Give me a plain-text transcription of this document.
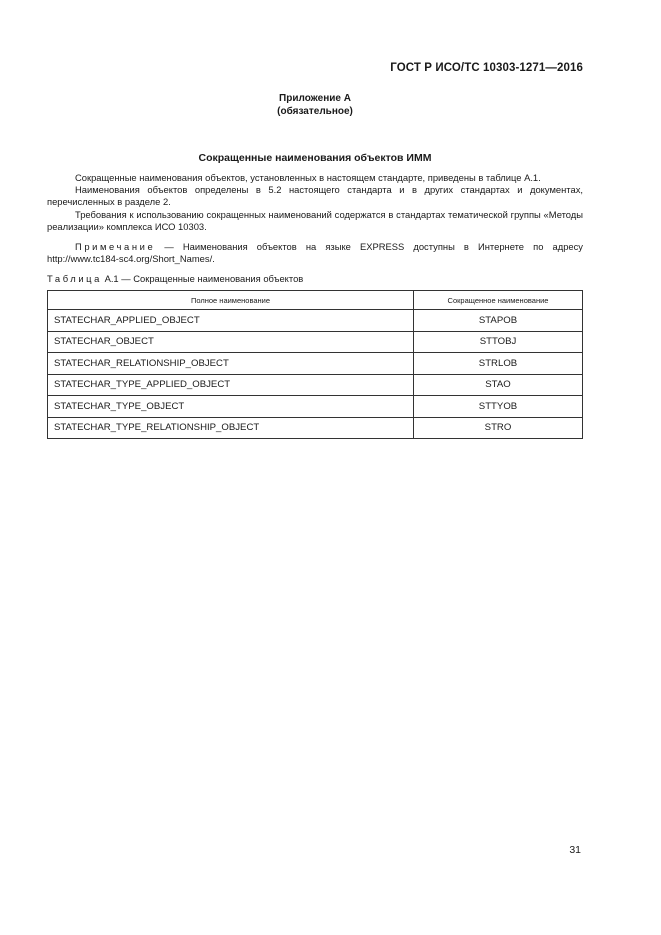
ГОСТ Р ИСО/ТС 10303-1271—2016
Приложение А
(обязательное)
Сокращенные наименования объектов ИММ

Сокращенные наименования объектов, установленных в настоящем стандарте, приведены в таблице А.1.

Наименования объектов определены в 5.2 настоящего стандарта и в других стандартах и документах, перечисленных в разделе 2.

Требования к использованию сокращенных наименований содержатся в стандартах тематической группы «Методы реализации» комплекса ИСО 10303.

Примечание — Наименования объектов на языке EXPRESS доступны в Интернете по адресу http://www.tc184-sc4.org/Short_Names/.

Таблица А.1 — Сокращенные наименования объектов
Полное наименование	Сокращенное наименование
STATECHAR_APPLIED_OBJECT	STAPOB
STATECHAR_OBJECT	STTOBJ
STATECHAR_RELATIONSHIP_OBJECT	STRLOB
STATECHAR_TYPE_APPLIED_OBJECT	STAO
STATECHAR_TYPE_OBJECT	STTYOB
STATECHAR_TYPE_RELATIONSHIP_OBJECT	STRO
31
